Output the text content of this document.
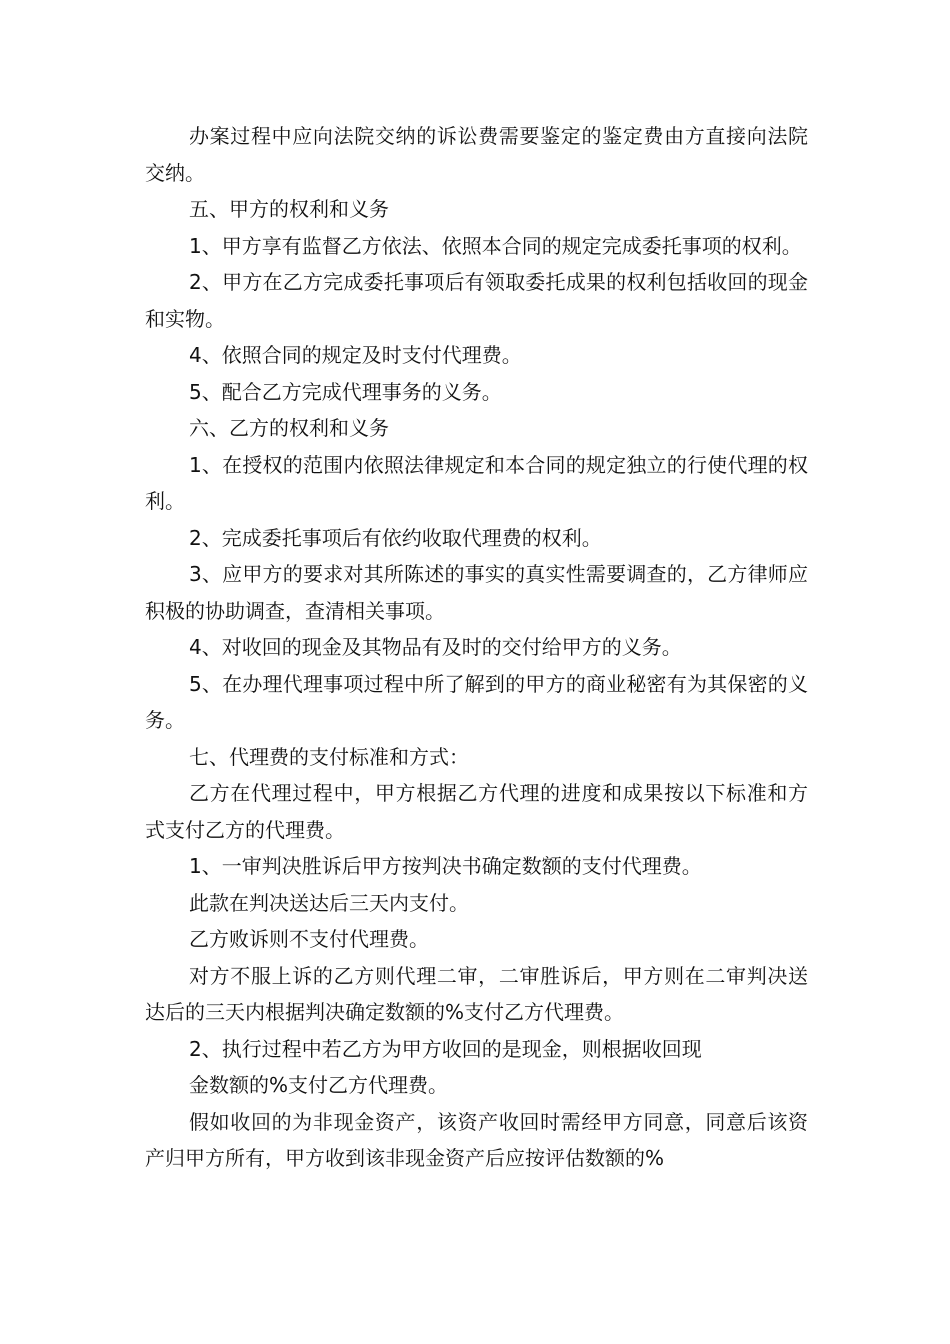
办案过程中应向法院交纳的诉讼费需要鉴定的鉴定费由方直接向法院交纳。

五、甲方的权利和义务

1、甲方享有监督乙方依法、依照本合同的规定完成委托事项的权利。

2、甲方在乙方完成委托事项后有领取委托成果的权利包括收回的现金和实物。

4、依照合同的规定及时支付代理费。

5、配合乙方完成代理事务的义务。

六、乙方的权利和义务

1、在授权的范围内依照法律规定和本合同的规定独立的行使代理的权利。

2、完成委托事项后有依约收取代理费的权利。

3、应甲方的要求对其所陈述的事实的真实性需要调查的，乙方律师应积极的协助调查，查清相关事项。

4、对收回的现金及其物品有及时的交付给甲方的义务。

5、在办理代理事项过程中所了解到的甲方的商业秘密有为其保密的义务。

七、代理费的支付标准和方式：

乙方在代理过程中，甲方根据乙方代理的进度和成果按以下标准和方式支付乙方的代理费。

1、一审判决胜诉后甲方按判决书确定数额的支付代理费。

此款在判决送达后三天内支付。

乙方败诉则不支付代理费。

对方不服上诉的乙方则代理二审，二审胜诉后，甲方则在二审判决送达后的三天内根据判决确定数额的%支付乙方代理费。

2、执行过程中若乙方为甲方收回的是现金，则根据收回现

金数额的%支付乙方代理费。

假如收回的为非现金资产，该资产收回时需经甲方同意，同意后该资产归甲方所有，甲方收到该非现金资产后应按评估数额的%
